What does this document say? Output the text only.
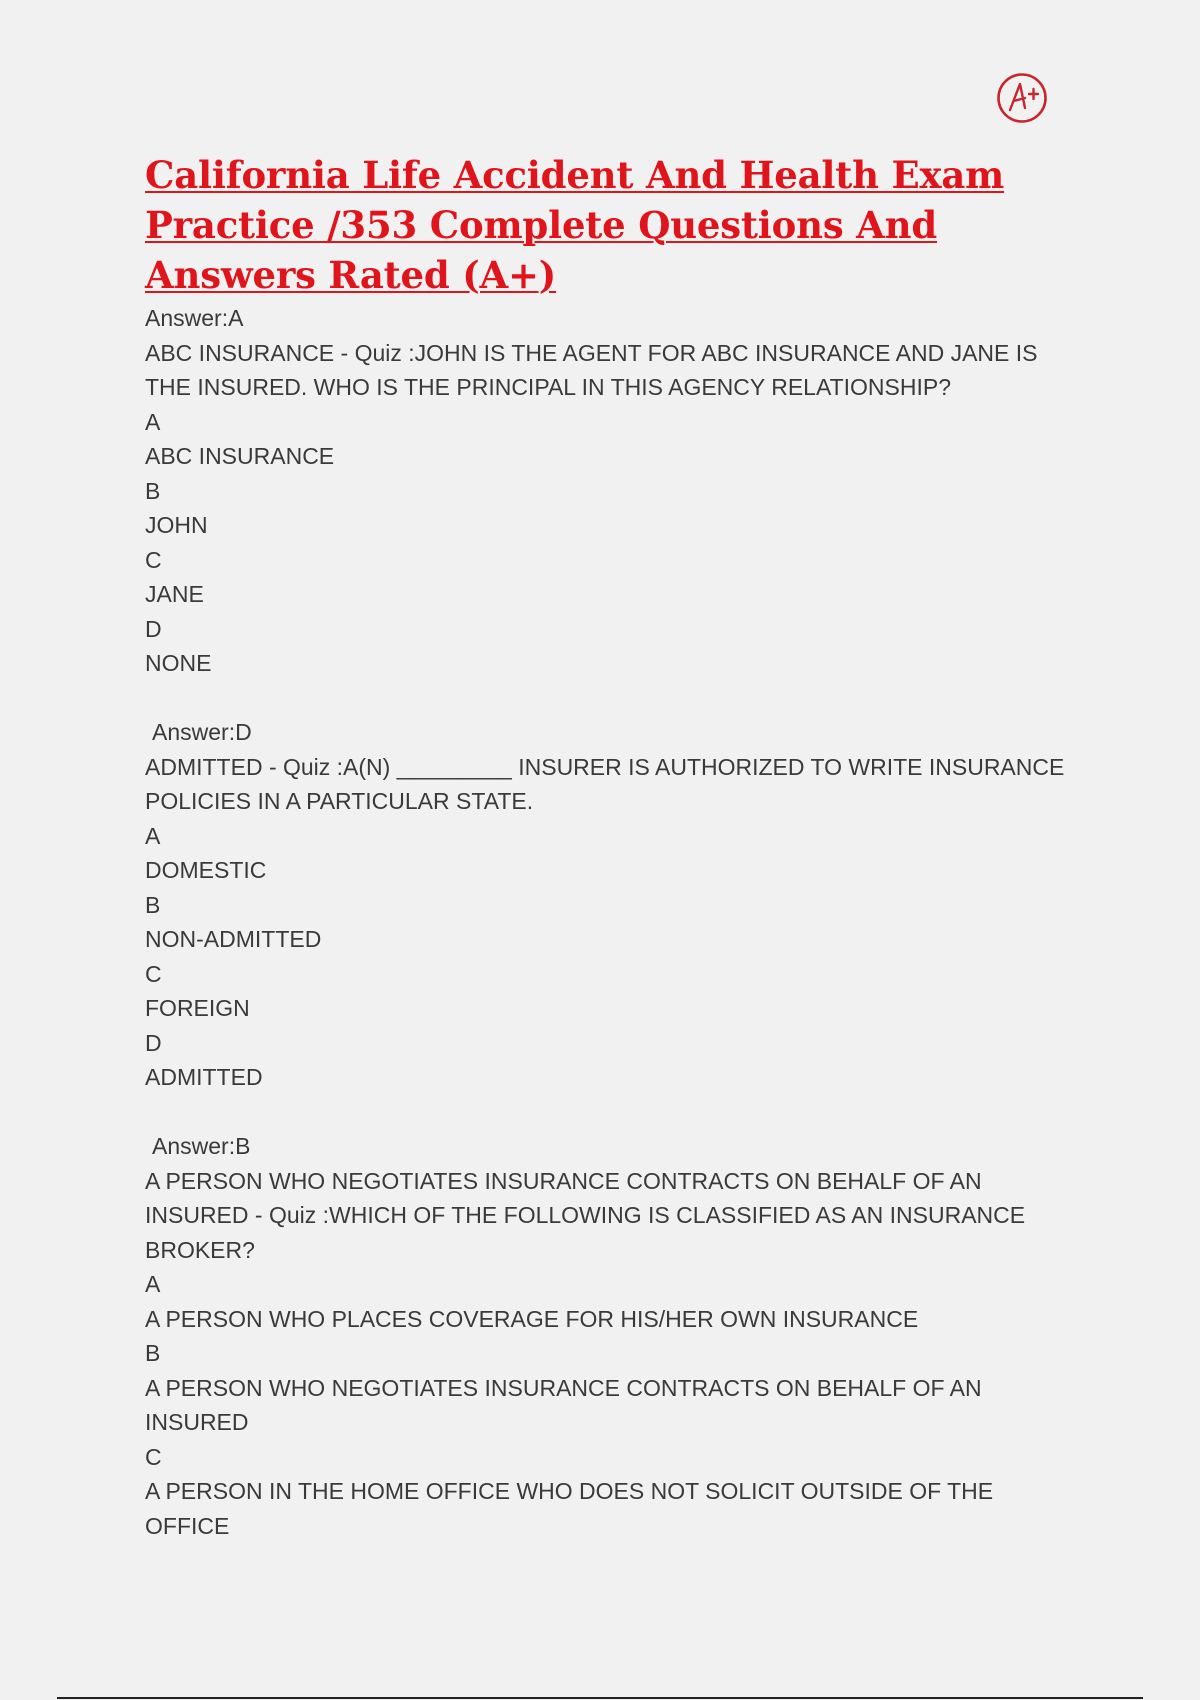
California Life Accident And Health Exam Practice /353 Complete Questions And Answers Rated (A+)
Answer:A
ABC INSURANCE - Quiz :JOHN IS THE AGENT FOR ABC INSURANCE AND JANE IS THE INSURED. WHO IS THE PRINCIPAL IN THIS AGENCY RELATIONSHIP?
A
ABC INSURANCE
B
JOHN
C
JANE
D
NONE
Answer:D
ADMITTED - Quiz :A(N) _________ INSURER IS AUTHORIZED TO WRITE INSURANCE POLICIES IN A PARTICULAR STATE.
A
DOMESTIC
B
NON-ADMITTED
C
FOREIGN
D
ADMITTED
Answer:B
A PERSON WHO NEGOTIATES INSURANCE CONTRACTS ON BEHALF OF AN INSURED - Quiz :WHICH OF THE FOLLOWING IS CLASSIFIED AS AN INSURANCE BROKER?
A
A PERSON WHO PLACES COVERAGE FOR HIS/HER OWN INSURANCE
B
A PERSON WHO NEGOTIATES INSURANCE CONTRACTS ON BEHALF OF AN INSURED
C
A PERSON IN THE HOME OFFICE WHO DOES NOT SOLICIT OUTSIDE OF THE OFFICE
